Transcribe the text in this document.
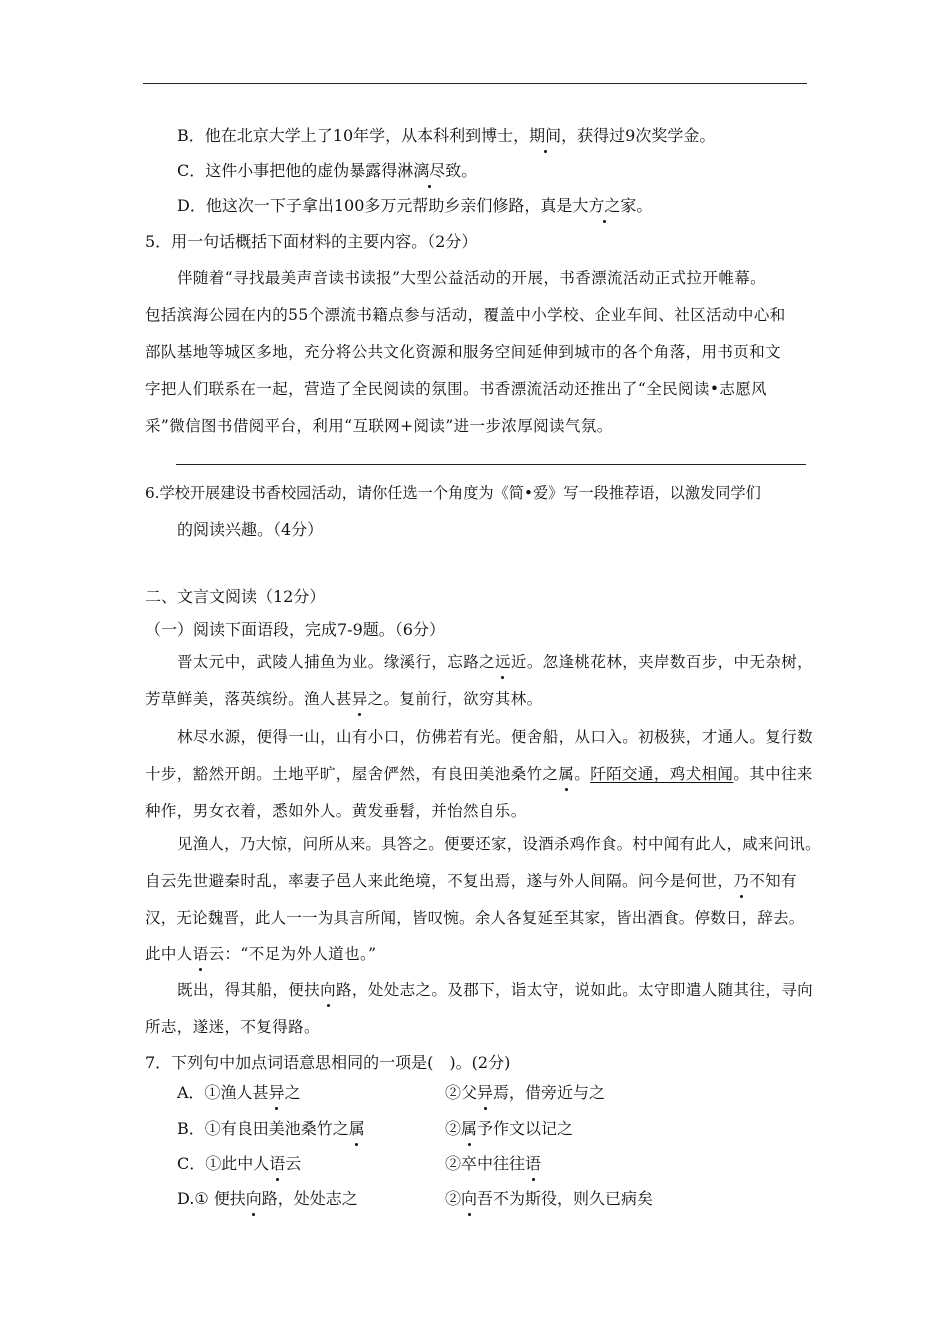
B．他在北京大学上了10年学，从本科利到博士，期间，获得过9次奖学金。
C．这件小事把他的虚伪暴露得淋漓尽致。
D．他这次一下子拿出100多万元帮助乡亲们修路，真是大方之家。
5．用一句话概括下面材料的主要内容。（2分）
伴随着“寻找最美声音读书读报”大型公益活动的开展，书香漂流活动正式拉开帷幕。
包括滨海公园在内的55个漂流书籍点参与活动，覆盖中小学校、企业车间、社区活动中心和
部队基地等城区多地，充分将公共文化资源和服务空间延伸到城市的各个角落，用书页和文
字把人们联系在一起，营造了全民阅读的氛围。书香漂流活动还推出了“全民阅读•志愿风
采”微信图书借阅平台，利用“互联网+阅读”进一步浓厚阅读气氛。
6.学校开展建设书香校园活动，请你任选一个角度为《简•爱》写一段推荐语，以激发同学们
的阅读兴趣。（4分）
二、文言文阅读（12分）
（一）阅读下面语段，完成7-9题。（6分）
晋太元中，武陵人捕鱼为业。缘溪行，忘路之远近。忽逢桃花林，夹岸数百步，中无杂树，
芳草鲜美，落英缤纷。渔人甚异之。复前行，欲穷其林。
林尽水源，便得一山，山有小口，仿佛若有光。便舍船，从口入。初极狭，才通人。复行数
十步，豁然开朗。土地平旷，屋舍俨然，有良田美池桑竹之属。阡陌交通，鸡犬相闻。其中往来
种作，男女衣着，悉如外人。黄发垂髫，并怡然自乐。
见渔人，乃大惊，问所从来。具答之。便要还家，设酒杀鸡作食。村中闻有此人，咸来问讯。
自云先世避秦时乱，率妻子邑人来此绝境，不复出焉，遂与外人间隔。问今是何世，乃不知有
汉，无论魏晋，此人一一为具言所闻，皆叹惋。余人各复延至其家，皆出酒食。停数日，辞去。
此中人语云：“不足为外人道也。”
既出，得其船，便扶向路，处处志之。及郡下，诣太守，说如此。太守即遣人随其往，寻向
所志，遂迷，不复得路。
7．下列句中加点词语意思相同的一项是(　)。(2分)
A．①渔人甚异之	②父异焉，借旁近与之
B．①有良田美池桑竹之属	②属予作文以记之
C．①此中人语云	②卒中往往语
D.① 便扶向路，处处志之	②向吾不为斯役，则久已病矣
